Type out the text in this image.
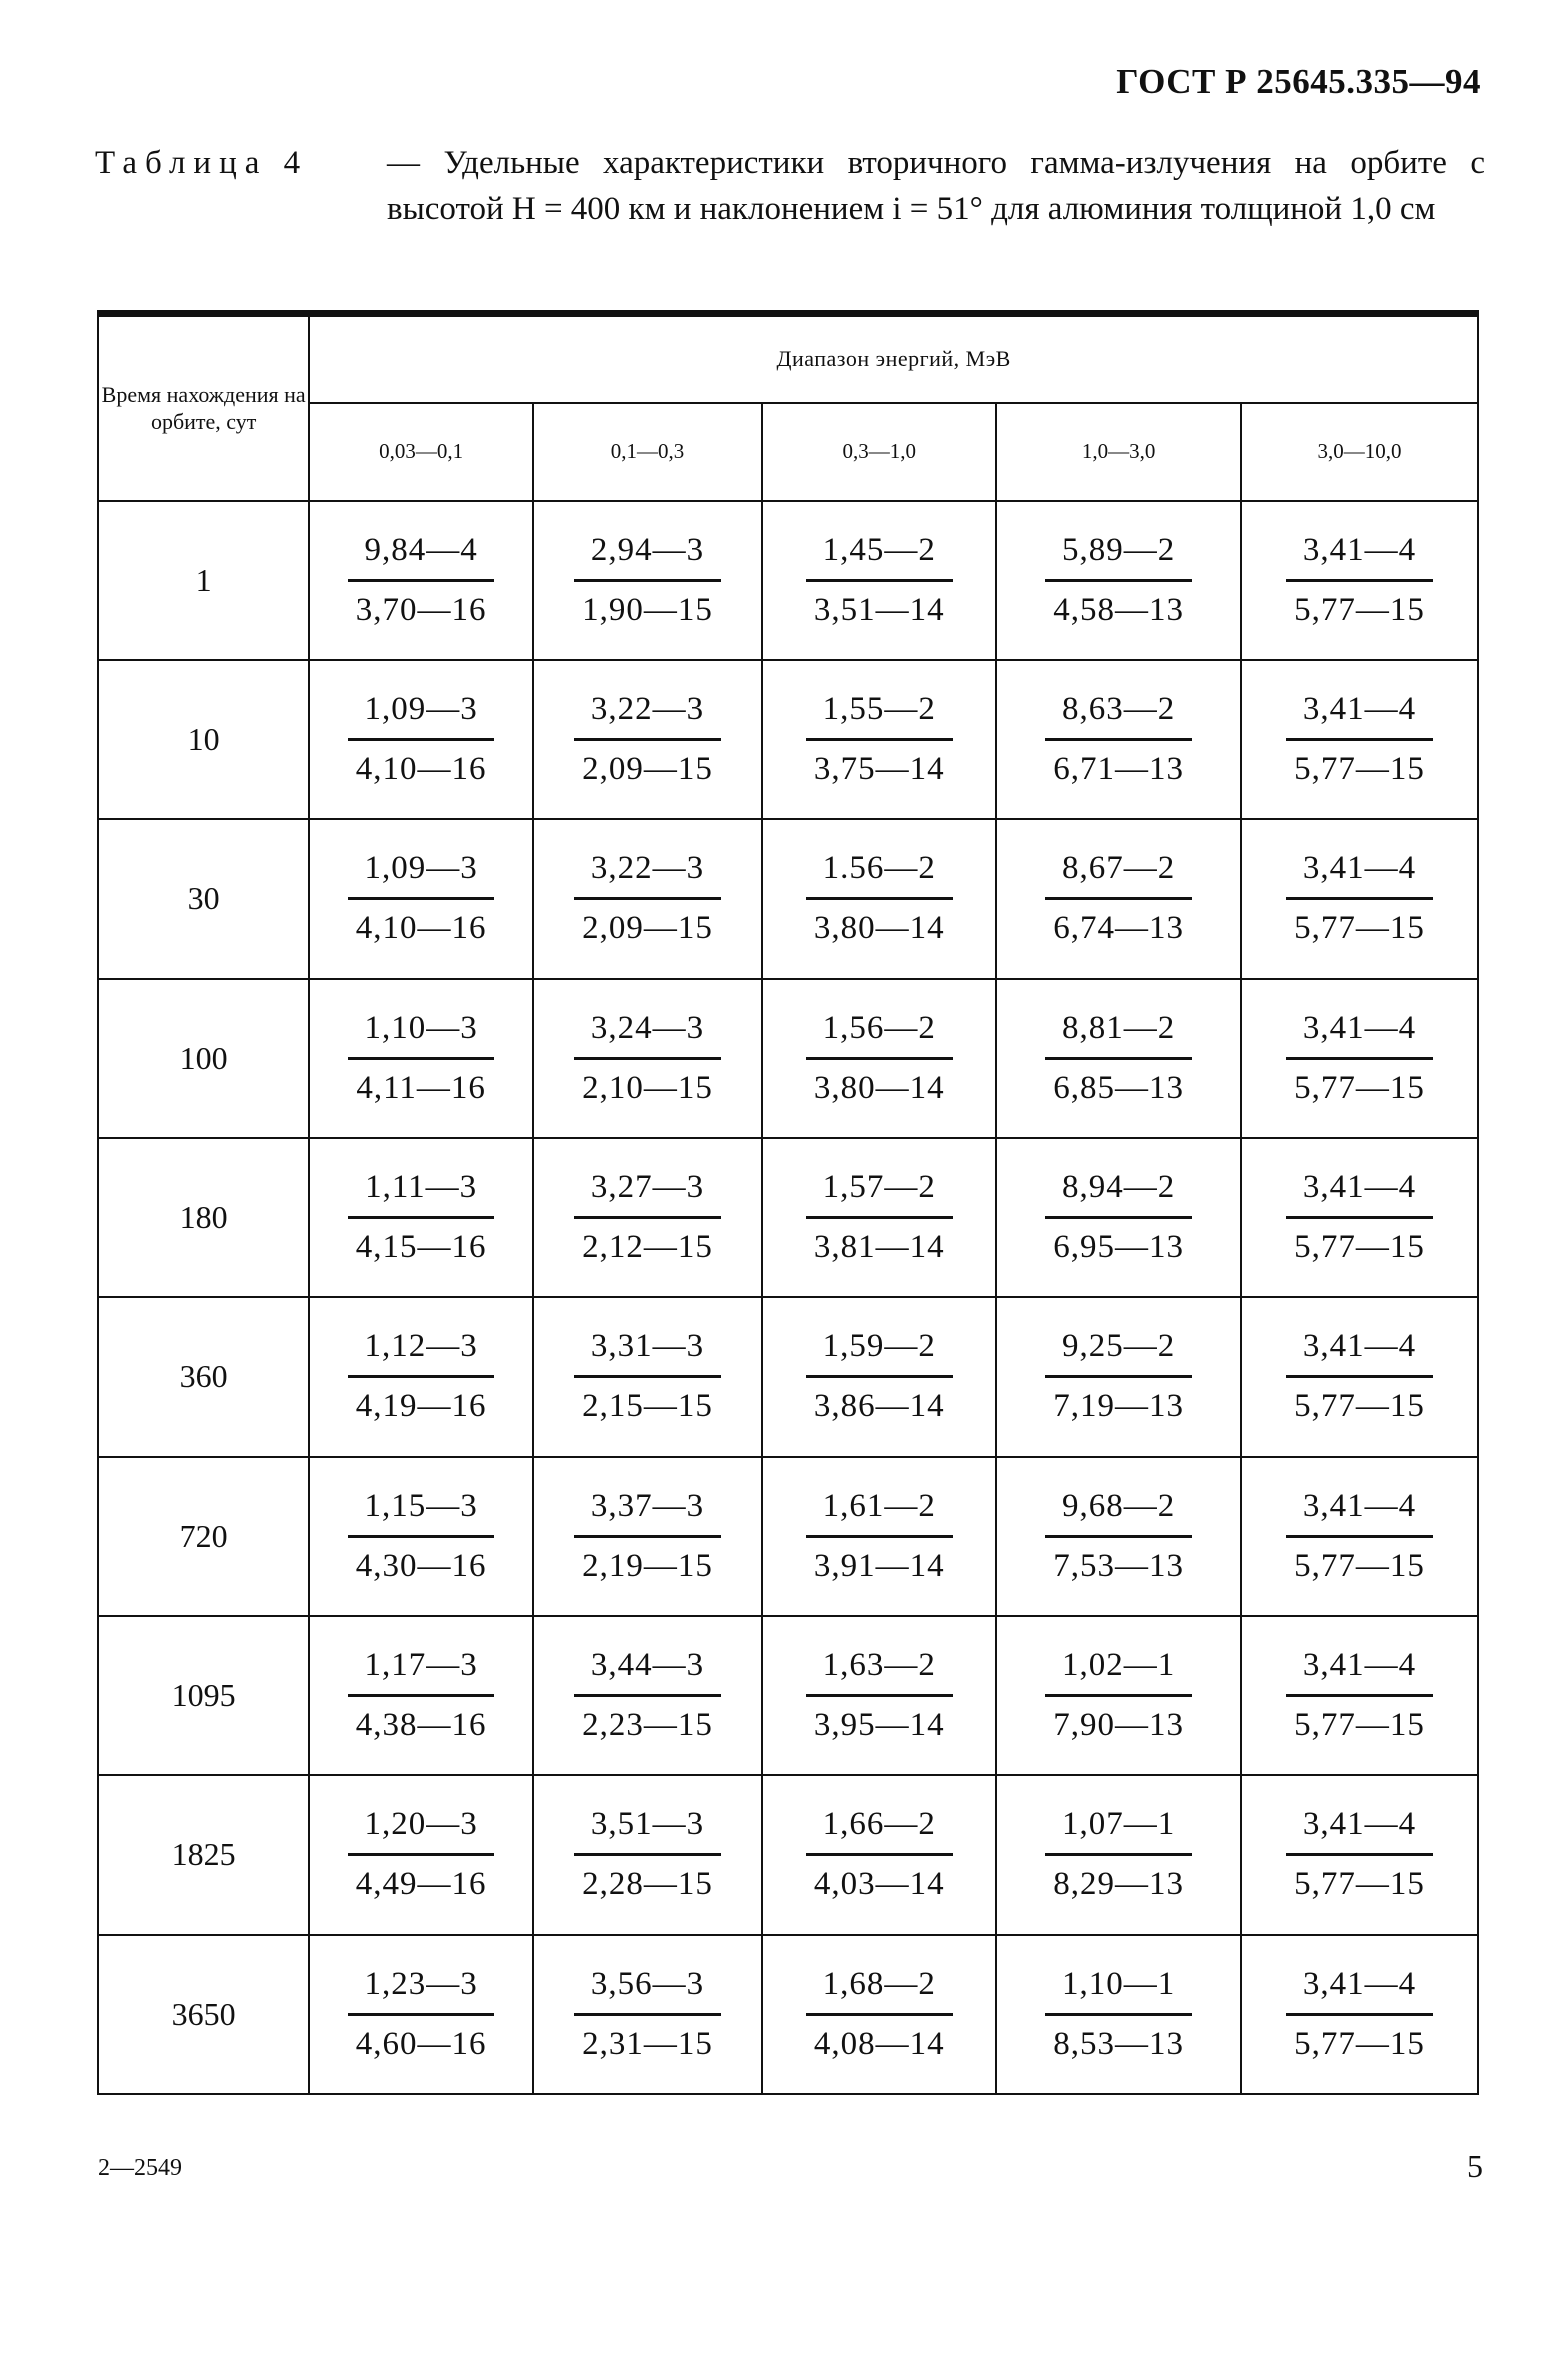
ГОСТ Р 25645.335—94
Таблица 4 — Удельные характеристики вторичного гамма-излучения на орбите с высотой H = 400 км и наклонением i = 51° для алюминия толщиной 1,0 см
Время нахождения на орбите, сут	Диапазон энергий, МэВ				
	0,03—0,1	0,1—0,3	0,3—1,0	1,0—3,0	3,0—10,0
1	$\frac{9,84—4}{3,70—16}$	$\frac{2,94—3}{1,90—15}$	$\frac{1,45—2}{3,51—14}$	$\frac{5,89—2}{4,58—13}$	$\frac{3,41—4}{5,77—15}$

10	$\frac{1,09—3}{4,10—16}$	$\frac{3,22—3}{2,09—15}$	$\frac{1,55—2}{3,75—14}$	$\frac{8,63—2}{6,71—13}$	$\frac{3,41—4}{5,77—15}$

30	$\frac{1,09—3}{4,10—16}$	$\frac{3,22—3}{2,09—15}$	$\frac{1.56—2}{3,80—14}$	$\frac{8,67—2}{6,74—13}$	$\frac{3,41—4}{5,77—15}$

100	$\frac{1,10—3}{4,11—16}$	$\frac{3,24—3}{2,10—15}$	$\frac{1,56—2}{3,80—14}$	$\frac{8,81—2}{6,85—13}$	$\frac{3,41—4}{5,77—15}$

180	$\frac{1,11—3}{4,15—16}$	$\frac{3,27—3}{2,12—15}$	$\frac{1,57—2}{3,81—14}$	$\frac{8,94—2}{6,95—13}$	$\frac{3,41—4}{5,77—15}$

360	$\frac{1,12—3}{4,19—16}$	$\frac{3,31—3}{2,15—15}$	$\frac{1,59—2}{3,86—14}$	$\frac{9,25—2}{7,19—13}$	$\frac{3,41—4}{5,77—15}$

720	$\frac{1,15—3}{4,30—16}$	$\frac{3,37—3}{2,19—15}$	$\frac{1,61—2}{3,91—14}$	$\frac{9,68—2}{7,53—13}$	$\frac{3,41—4}{5,77—15}$

1095	$\frac{1,17—3}{4,38—16}$	$\frac{3,44—3}{2,23—15}$	$\frac{1,63—2}{3,95—14}$	$\frac{1,02—1}{7,90—13}$	$\frac{3,41—4}{5,77—15}$

1825	$\frac{1,20—3}{4,49—16}$	$\frac{3,51—3}{2,28—15}$	$\frac{1,66—2}{4,03—14}$	$\frac{1,07—1}{8,29—13}$	$\frac{3,41—4}{5,77—15}$

3650	$\frac{1,23—3}{4,60—16}$	$\frac{3,56—3}{2,31—15}$	$\frac{1,68—2}{4,08—14}$	$\frac{1,10—1}{8,53—13}$	$\frac{3,41—4}{5,77—15}$
2—2549	5
